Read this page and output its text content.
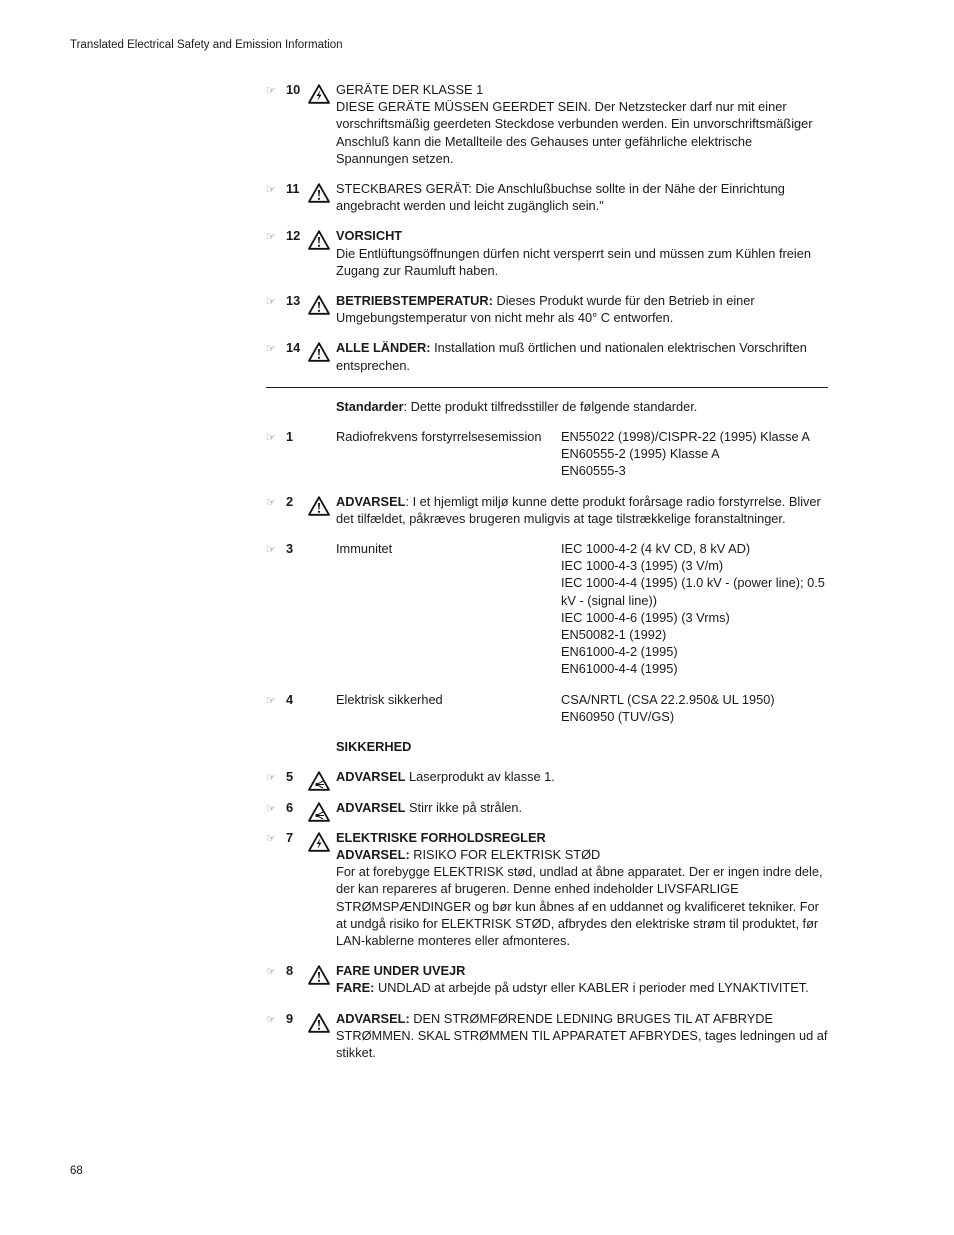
Translated Electrical Safety and Emission Information
☞ 10	GERÄTE DER KLASSE 1
DIESE GERÄTE MÜSSEN GEERDET SEIN. Der Netzstecker darf nur mit einer vorschriftsmäßig geerdeten Steckdose verbunden werden. Ein unvorschriftsmäßiger Anschluß kann die Metallteile des Gehauses unter gefährliche elektrische Spannungen setzen.
☞ 11	STECKBARES GERÄT: Die Anschlußbuchse sollte in der Nähe der Einrichtung angebracht werden und leicht zugänglich sein."
☞ 12	VORSICHT
Die Entlüftungsöffnungen dürfen nicht versperrt sein und müssen zum Kühlen freien Zugang zur Raumluft haben.
☞ 13	BETRIEBSTEMPERATUR: Dieses Produkt wurde für den Betrieb in einer Umgebungstemperatur von nicht mehr als 40° C entworfen.
☞ 14	ALLE LÄNDER: Installation muß örtlichen und nationalen elektrischen Vorschriften entsprechen.
Standarder: Dette produkt tilfredsstiller de følgende standarder.
☞ 1	Radiofrekvens forstyrrelsesemission	EN55022 (1998)/CISPR-22 (1995) Klasse A
EN60555-2 (1995) Klasse A
EN60555-3
☞ 2	ADVARSEL: I et hjemligt miljø kunne dette produkt forårsage radio forstyrrelse. Bliver det tilfældet, påkræves brugeren muligvis at tage tilstrækkelige foranstaltninger.
☞ 3	Immunitet	IEC 1000-4-2 (4 kV CD, 8 kV AD)
IEC 1000-4-3 (1995) (3 V/m)
IEC 1000-4-4 (1995) (1.0 kV - (power line); 0.5 kV - (signal line))
IEC 1000-4-6 (1995) (3 Vrms)
EN50082-1 (1992)
EN61000-4-2 (1995)
EN61000-4-4 (1995)
☞ 4	Elektrisk sikkerhed	CSA/NRTL (CSA 22.2.950& UL 1950)
EN60950 (TUV/GS)
SIKKERHED
☞ 5	ADVARSEL Laserprodukt av klasse 1.
☞ 6	ADVARSEL Stirr ikke på strålen.
☞ 7	ELEKTRISKE FORHOLDSREGLER
ADVARSEL: RISIKO FOR ELEKTRISK STØD
For at forebygge ELEKTRISK stød, undlad at åbne apparatet. Der er ingen indre dele, der kan repareres af brugeren. Denne enhed indeholder LIVSFARLIGE STRØMSPÆNDINGER og bør kun åbnes af en uddannet og kvalificeret tekniker. For at undgå risiko for ELEKTRISK STØD, afbrydes den elektriske strøm til produktet, før LAN-kablerne monteres eller afmonteres.
☞ 8	FARE UNDER UVEJR
FARE: UNDLAD at arbejde på udstyr eller KABLER i perioder med LYNAKTIVITET.
☞ 9	ADVARSEL: DEN STRØMFØRENDE LEDNING BRUGES TIL AT AFBRYDE STRØMMEN. SKAL STRØMMEN TIL APPARATET AFBRYDES, tages ledningen ud af stikket.
68
